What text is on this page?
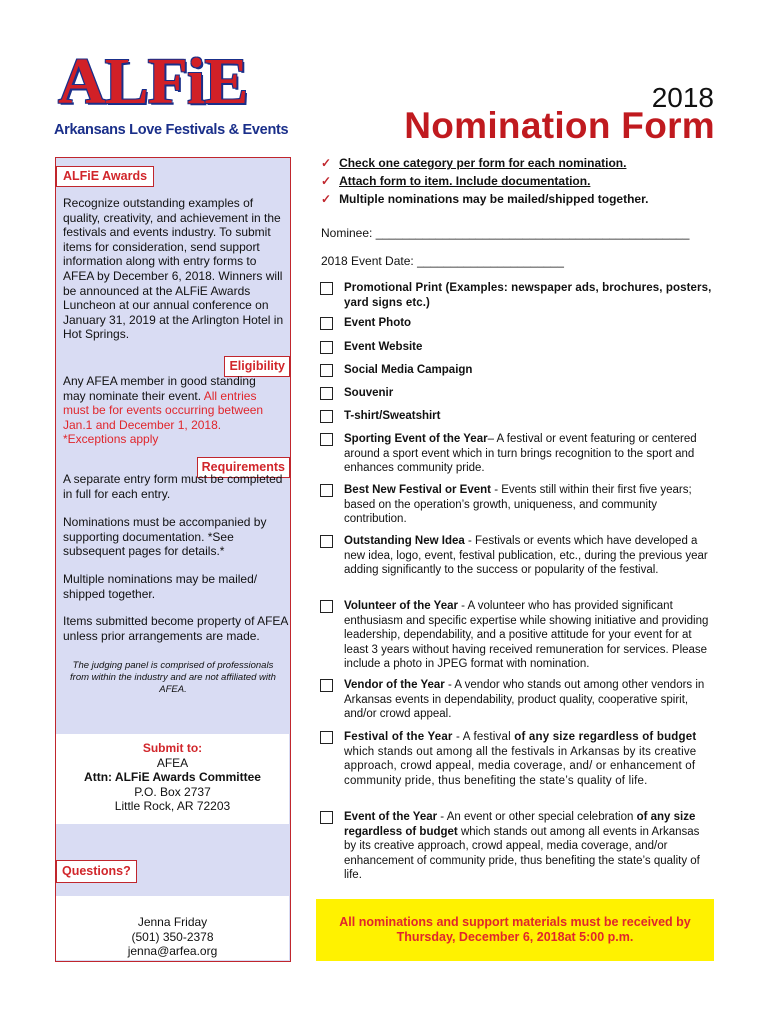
ALFiE
Arkansans Love Festivals & Events
2018
Nomination Form
ALFiE Awards
Recognize outstanding examples of quality, creativity, and achievement in the festivals and events industry. To submit items for consideration, send support information along with entry forms to AFEA by December 6, 2018. Winners will be announced at the ALFiE Awards Luncheon at our annual conference on January 31, 2019 at the Arlington Hotel in Hot Springs.
Eligibility
Any AFEA member in good standing may nominate their event. All entries must be for events occurring between Jan.1 and December 1, 2018. *Exceptions apply
Requirements
A separate entry form must be completed in full for each entry.
Nominations must be accompanied by supporting documentation. *See subsequent pages for details.*
Multiple nominations may be mailed/ shipped together.
Items submitted become property of AFEA unless prior arrangements are made.
The judging panel is comprised of professionals from within the industry and are not affiliated with AFEA.
Submit to:
AFEA
Attn: ALFiE Awards Committee
P.O. Box 2737
Little Rock, AR 72203
Questions?
Jenna Friday
(501) 350-2378
jenna@arfea.org
✓ Check one category per form for each nomination.
✓ Attach form to item. Include documentation.
✓ Multiple nominations may be mailed/shipped together.
Nominee: _______________________________________________
2018 Event Date: ______________________
Promotional Print (Examples: newspaper ads, brochures, posters, yard signs etc.)
Event Photo
Event Website
Social Media Campaign
Souvenir
T-shirt/Sweatshirt
Sporting Event of the Year– A festival or event featuring or centered around a sport event which in turn brings recognition to the sport and enhances community pride.
Best New Festival or Event - Events still within their first five years; based on the operation’s growth, uniqueness, and community contribution.
Outstanding New Idea - Festivals or events which have developed a new idea, logo, event, festival publication, etc., during the previous year adding significantly to the success or popularity of the festival.
Volunteer of the Year - A volunteer who has provided significant enthusiasm and specific expertise while showing initiative and providing leadership, dependability, and a positive attitude for your event for at least 3 years without having received remuneration for services. Please include a photo in JPEG format with nomination.
Vendor of the Year - A vendor who stands out among other vendors in Arkansas events in dependability, product quality, cooperative spirit, and/or crowd appeal.
Festival of the Year - A festival of any size regardless of budget which stands out among all the festivals in Arkansas by its creative approach, crowd appeal, media coverage, and/ or enhancement of community pride, thus benefiting the state’s quality of life.
Event of the Year - An event or other special celebration of any size regardless of budget which stands out among all events in Arkansas by its creative approach, crowd appeal, media coverage, and/or enhancement of community pride, thus benefiting the state’s quality of life.
All nominations and support materials must be received by
Thursday, December 6, 2018at 5:00 p.m.
